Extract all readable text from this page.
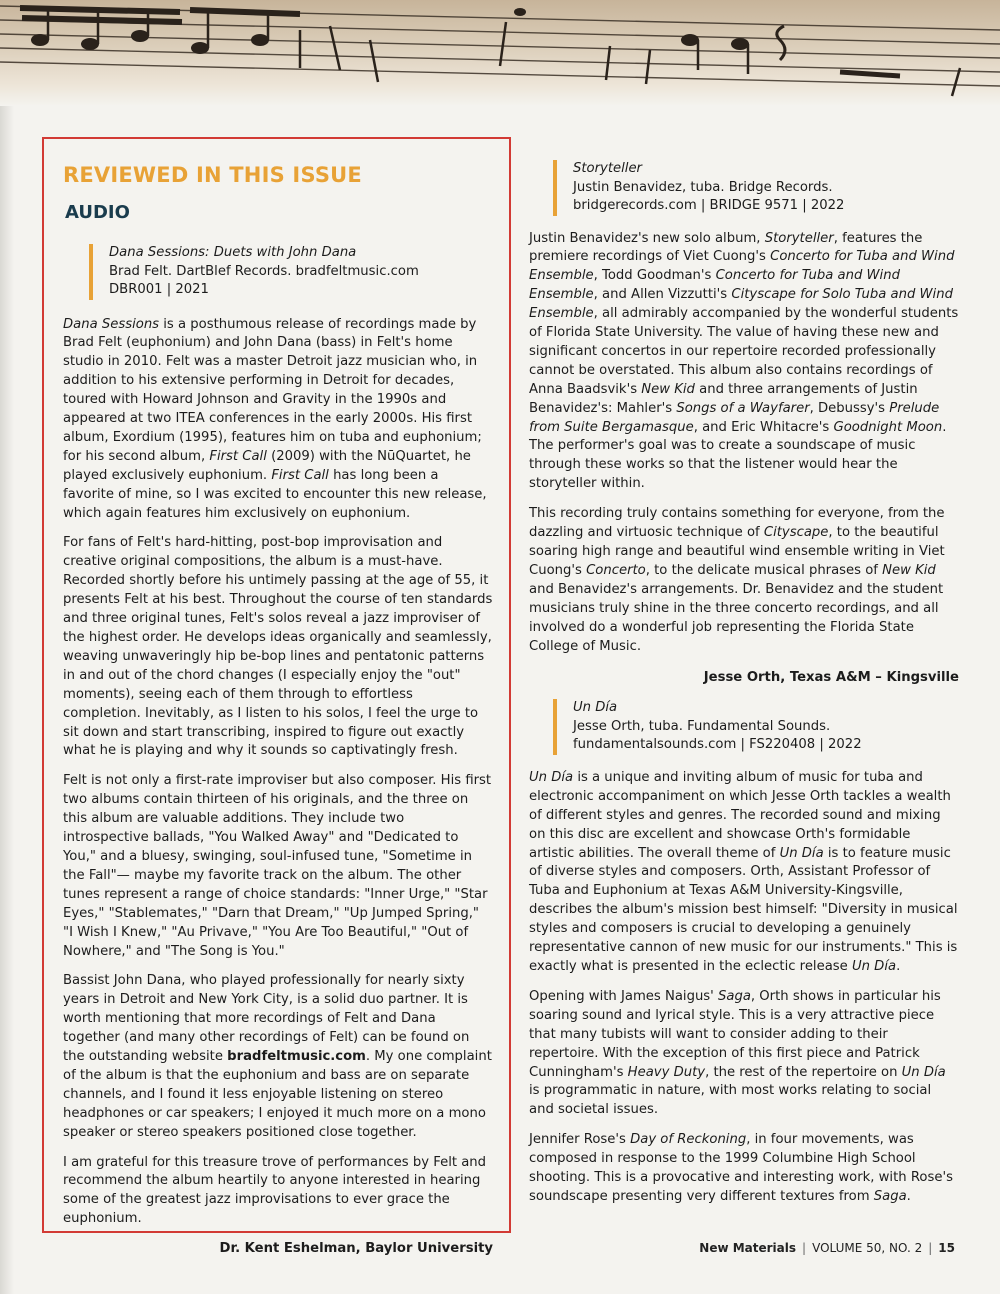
REVIEWED IN THIS ISSUE
AUDIO
Dana Sessions: Duets with John Dana
Brad Felt. DartBlef Records. bradfeltmusic.com
DBR001 | 2021

Dana Sessions is a posthumous release of recordings made by Brad Felt (euphonium) and John Dana (bass) in Felt's home studio in 2010. Felt was a master Detroit jazz musician who, in addition to his extensive performing in Detroit for decades, toured with Howard Johnson and Gravity in the 1990s and appeared at two ITEA conferences in the early 2000s. His first album, Exordium (1995), features him on tuba and euphonium; for his second album, First Call (2009) with the NūQuartet, he played exclusively euphonium. First Call has long been a favorite of mine, so I was excited to encounter this new release, which again features him exclusively on euphonium.

For fans of Felt's hard-hitting, post-bop improvisation and creative original compositions, the album is a must-have. Recorded shortly before his untimely passing at the age of 55, it presents Felt at his best. Throughout the course of ten standards and three original tunes, Felt's solos reveal a jazz improviser of the highest order. He develops ideas organically and seamlessly, weaving unwaveringly hip be-bop lines and pentatonic patterns in and out of the chord changes (I especially enjoy the "out" moments), seeing each of them through to effortless completion. Inevitably, as I listen to his solos, I feel the urge to sit down and start transcribing, inspired to figure out exactly what he is playing and why it sounds so captivatingly fresh.

Felt is not only a first-rate improviser but also composer. His first two albums contain thirteen of his originals, and the three on this album are valuable additions. They include two introspective ballads, "You Walked Away" and "Dedicated to You," and a bluesy, swinging, soul-infused tune, "Sometime in the Fall"— maybe my favorite track on the album. The other tunes represent a range of choice standards: "Inner Urge," "Star Eyes," "Stablemates," "Darn that Dream," "Up Jumped Spring," "I Wish I Knew," "Au Privave," "You Are Too Beautiful," "Out of Nowhere," and "The Song is You."

Bassist John Dana, who played professionally for nearly sixty years in Detroit and New York City, is a solid duo partner. It is worth mentioning that more recordings of Felt and Dana together (and many other recordings of Felt) can be found on the outstanding website bradfeltmusic.com. My one complaint of the album is that the euphonium and bass are on separate channels, and I found it less enjoyable listening on stereo headphones or car speakers; I enjoyed it much more on a mono speaker or stereo speakers positioned close together.

I am grateful for this treasure trove of performances by Felt and recommend the album heartily to anyone interested in hearing some of the greatest jazz improvisations to ever grace the euphonium.

Dr. Kent Eshelman, Baylor University
Storyteller
Justin Benavidez, tuba. Bridge Records.
bridgerecords.com | BRIDGE 9571 | 2022

Justin Benavidez's new solo album, Storyteller, features the premiere recordings of Viet Cuong's Concerto for Tuba and Wind Ensemble, Todd Goodman's Concerto for Tuba and Wind Ensemble, and Allen Vizzutti's Cityscape for Solo Tuba and Wind Ensemble, all admirably accompanied by the wonderful students of Florida State University. The value of having these new and significant concertos in our repertoire recorded professionally cannot be overstated. This album also contains recordings of Anna Baadsvik's New Kid and three arrangements of Justin Benavidez's: Mahler's Songs of a Wayfarer, Debussy's Prelude from Suite Bergamasque, and Eric Whitacre's Goodnight Moon. The performer's goal was to create a soundscape of music through these works so that the listener would hear the storyteller within.

This recording truly contains something for everyone, from the dazzling and virtuosic technique of Cityscape, to the beautiful soaring high range and beautiful wind ensemble writing in Viet Cuong's Concerto, to the delicate musical phrases of New Kid and Benavidez's arrangements. Dr. Benavidez and the student musicians truly shine in the three concerto recordings, and all involved do a wonderful job representing the Florida State College of Music.

Jesse Orth, Texas A&M – Kingsville
Un Día
Jesse Orth, tuba. Fundamental Sounds.
fundamentalsounds.com | FS220408 | 2022

Un Día is a unique and inviting album of music for tuba and electronic accompaniment on which Jesse Orth tackles a wealth of different styles and genres. The recorded sound and mixing on this disc are excellent and showcase Orth's formidable artistic abilities. The overall theme of Un Día is to feature music of diverse styles and composers. Orth, Assistant Professor of Tuba and Euphonium at Texas A&M University-Kingsville, describes the album's mission best himself: "Diversity in musical styles and composers is crucial to developing a genuinely representative cannon of new music for our instruments." This is exactly what is presented in the eclectic release Un Día.

Opening with James Naigus' Saga, Orth shows in particular his soaring sound and lyrical style. This is a very attractive piece that many tubists will want to consider adding to their repertoire. With the exception of this first piece and Patrick Cunningham's Heavy Duty, the rest of the repertoire on Un Día is programmatic in nature, with most works relating to social and societal issues.

Jennifer Rose's Day of Reckoning, in four movements, was composed in response to the 1999 Columbine High School shooting. This is a provocative and interesting work, with Rose's soundscape presenting very different textures from Saga.

New Materials | VOLUME 50, NO. 2 | 15
